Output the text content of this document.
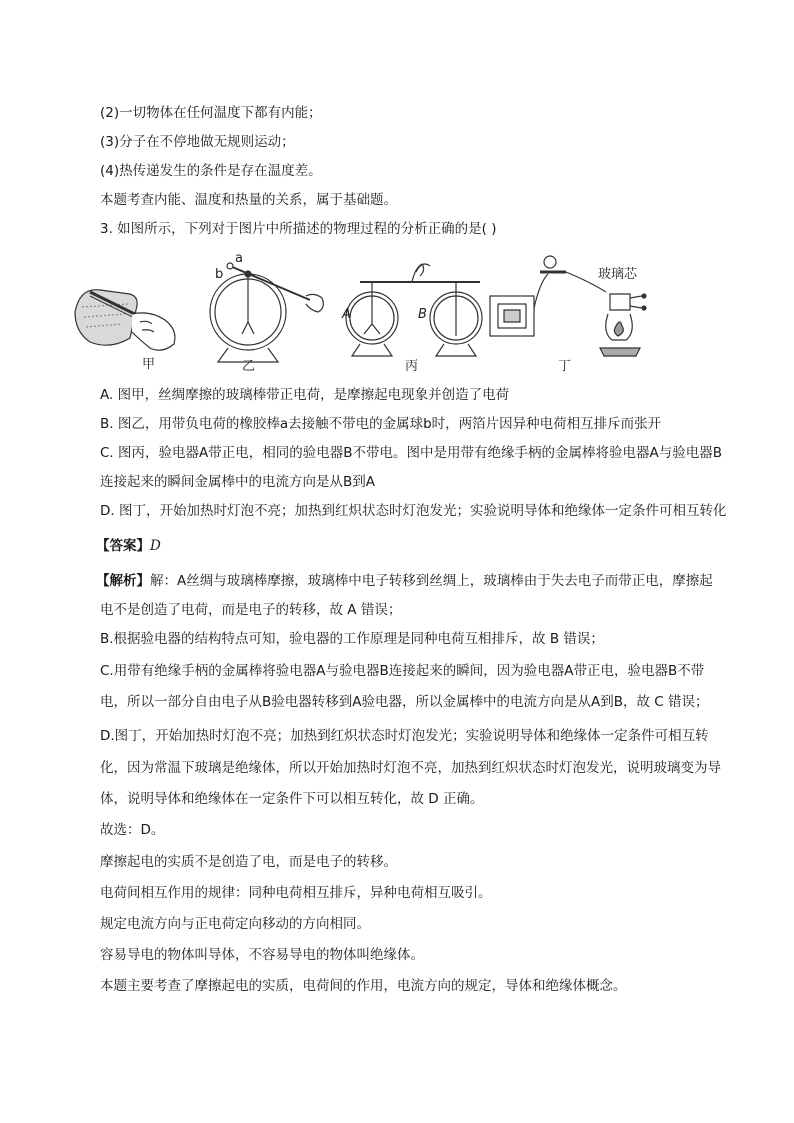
(2)一切物体在任何温度下都有内能；
(3)分子在不停地做无规则运动；
(4)热传递发生的条件是存在温度差。
本题考查内能、温度和热量的关系，属于基础题。
3. 如图所示，下列对于图片中所描述的物理过程的分析正确的是( )
甲
a
b
乙
A	B
丙
玻璃芯
丁
A. 图甲，丝绸摩擦的玻璃棒带正电荷，是摩擦起电现象并创造了电荷
B. 图乙，用带负电荷的橡胶棒a去接触不带电的金属球b时，两箔片因异种电荷相互排斥而张开
C. 图丙，验电器A带正电，相同的验电器B不带电。图中是用带有绝缘手柄的金属棒将验电器A与验电器B
连接起来的瞬间金属棒中的电流方向是从B到A
D. 图丁，开始加热时灯泡不亮；加热到红炽状态时灯泡发光；实验说明导体和绝缘体一定条件可相互转化
【答案】D
【解析】解：A丝绸与玻璃棒摩擦，玻璃棒中电子转移到丝绸上，玻璃棒由于失去电子而带正电，摩擦起
电不是创造了电荷，而是电子的转移，故 A 错误；
B.根据验电器的结构特点可知，验电器的工作原理是同种电荷互相排斥，故 B 错误；
C.用带有绝缘手柄的金属棒将验电器A与验电器B连接起来的瞬间，因为验电器A带正电，验电器B不带
电，所以一部分自由电子从B验电器转移到A验电器，所以金属棒中的电流方向是从A到B，故 C 错误；
D.图丁，开始加热时灯泡不亮；加热到红炽状态时灯泡发光；实验说明导体和绝缘体一定条件可相互转
化，因为常温下玻璃是绝缘体，所以开始加热时灯泡不亮，加热到红炽状态时灯泡发光，说明玻璃变为导
体，说明导体和绝缘体在一定条件下可以相互转化，故 D 正确。
故选：D。
摩擦起电的实质不是创造了电，而是电子的转移。
电荷间相互作用的规律：同种电荷相互排斥，异种电荷相互吸引。
规定电流方向与正电荷定向移动的方向相同。
容易导电的物体叫导体，不容易导电的物体叫绝缘体。
本题主要考查了摩擦起电的实质，电荷间的作用，电流方向的规定，导体和绝缘体概念。
